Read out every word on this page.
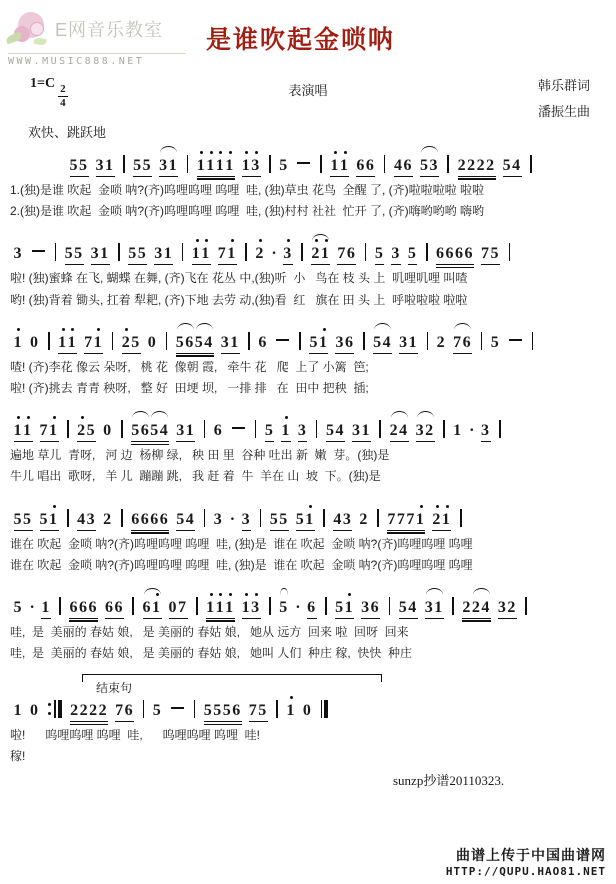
E网音乐教室
WWW.MUSIC888.NET
是谁吹起金唢呐
1=C
$\frac{2}{4}$	表演唱	韩乐群词
潘振生曲
欢快、跳跃地
55 31 55 31 1
1
1
1 1
3 5	1
1 66 46 53 2222 54
1.(独)是谁 吹起  金唢 呐?(齐)呜哩呜哩 呜哩  哇, (独)草虫 花鸟  全醒 了, (齐)啦啦啦啦 啦啦
2.(独)是谁 吹起  金唢 呐?(齐)呜哩呜哩 呜哩  哇, (独)村村 社社  忙开 了, (齐)嗨哟哟哟 嗨哟
3	55 31 55 31 1
1 71 2 · 3 2
1 76 5 3 5 6666 75
啦! (独)蜜蜂 在飞, 蝴蝶 在舞, (齐)飞在 花丛 中,(独)听  小   鸟在 枝 头 上  叽哩叽哩 叫喳
哟! (独)背着 锄头, 扛着 犁耙, (齐)下地 去劳 动,(独)看  红   旗在 田 头 上  呼啦啦啦 啦啦
1 0 1
1 71 2
5 0 56
54 31 6	51 36 54 31 2 76 5
喳! (齐)李花 像云 朵呀,   桃 花  像朝 霞,   牵牛 花   爬  上了 小篱  笆;
啦! (齐)挑去 青青 秧呀,   整 好  田埂 坝,   一排 排   在  田中 把秧  插;
1
1 71 2
5 0 56
54 31 6	5 1 3 54 31 24 32 1 · 3
遍地 草儿  青呀,   河 边  杨柳 绿,   秧 田 里  谷种 吐出 新  嫩  芽。(独)是
牛儿 唱出  歌呀,   羊 儿  蹦蹦 跳,   我 赶 着  牛  羊在 山  坡  下。(独)是
55 51 43 2 6666 54 3 · 3 55 51 43 2 7771 2
1
谁在 吹起  金唢 呐?(齐)呜哩呜哩 呜哩  哇, (独)是  谁在 吹起  金唢 呐?(齐)呜哩呜哩 呜哩
谁在 吹起  金唢 呐?(齐)呜哩呜哩 呜哩  哇, (独)是  谁在 吹起  金唢 呐?(齐)呜哩呜哩 呜哩
5 · 1 666 66 61 07 1
1
1 1
3 5 · 6 51 36 54 31 2
24 32
哇,  是  美丽的 春姑 娘,   是 美丽的 春姑 娘,   她从 远方  回来 啦  回呀  回来
哇,  是  美丽的 春姑 娘,   是 美丽的 春姑 娘,   她叫 人们  种庄 稼,  快快  种庄
结束句
1 0 2222 76 5	5556 75 1 0
啦!      呜哩呜哩 呜哩  哇,      呜哩呜哩 呜哩  哇!
稼!
sunzp抄谱20110323.
曲谱上传于中国曲谱网
HTTP://QUPU.HAO81.NET
